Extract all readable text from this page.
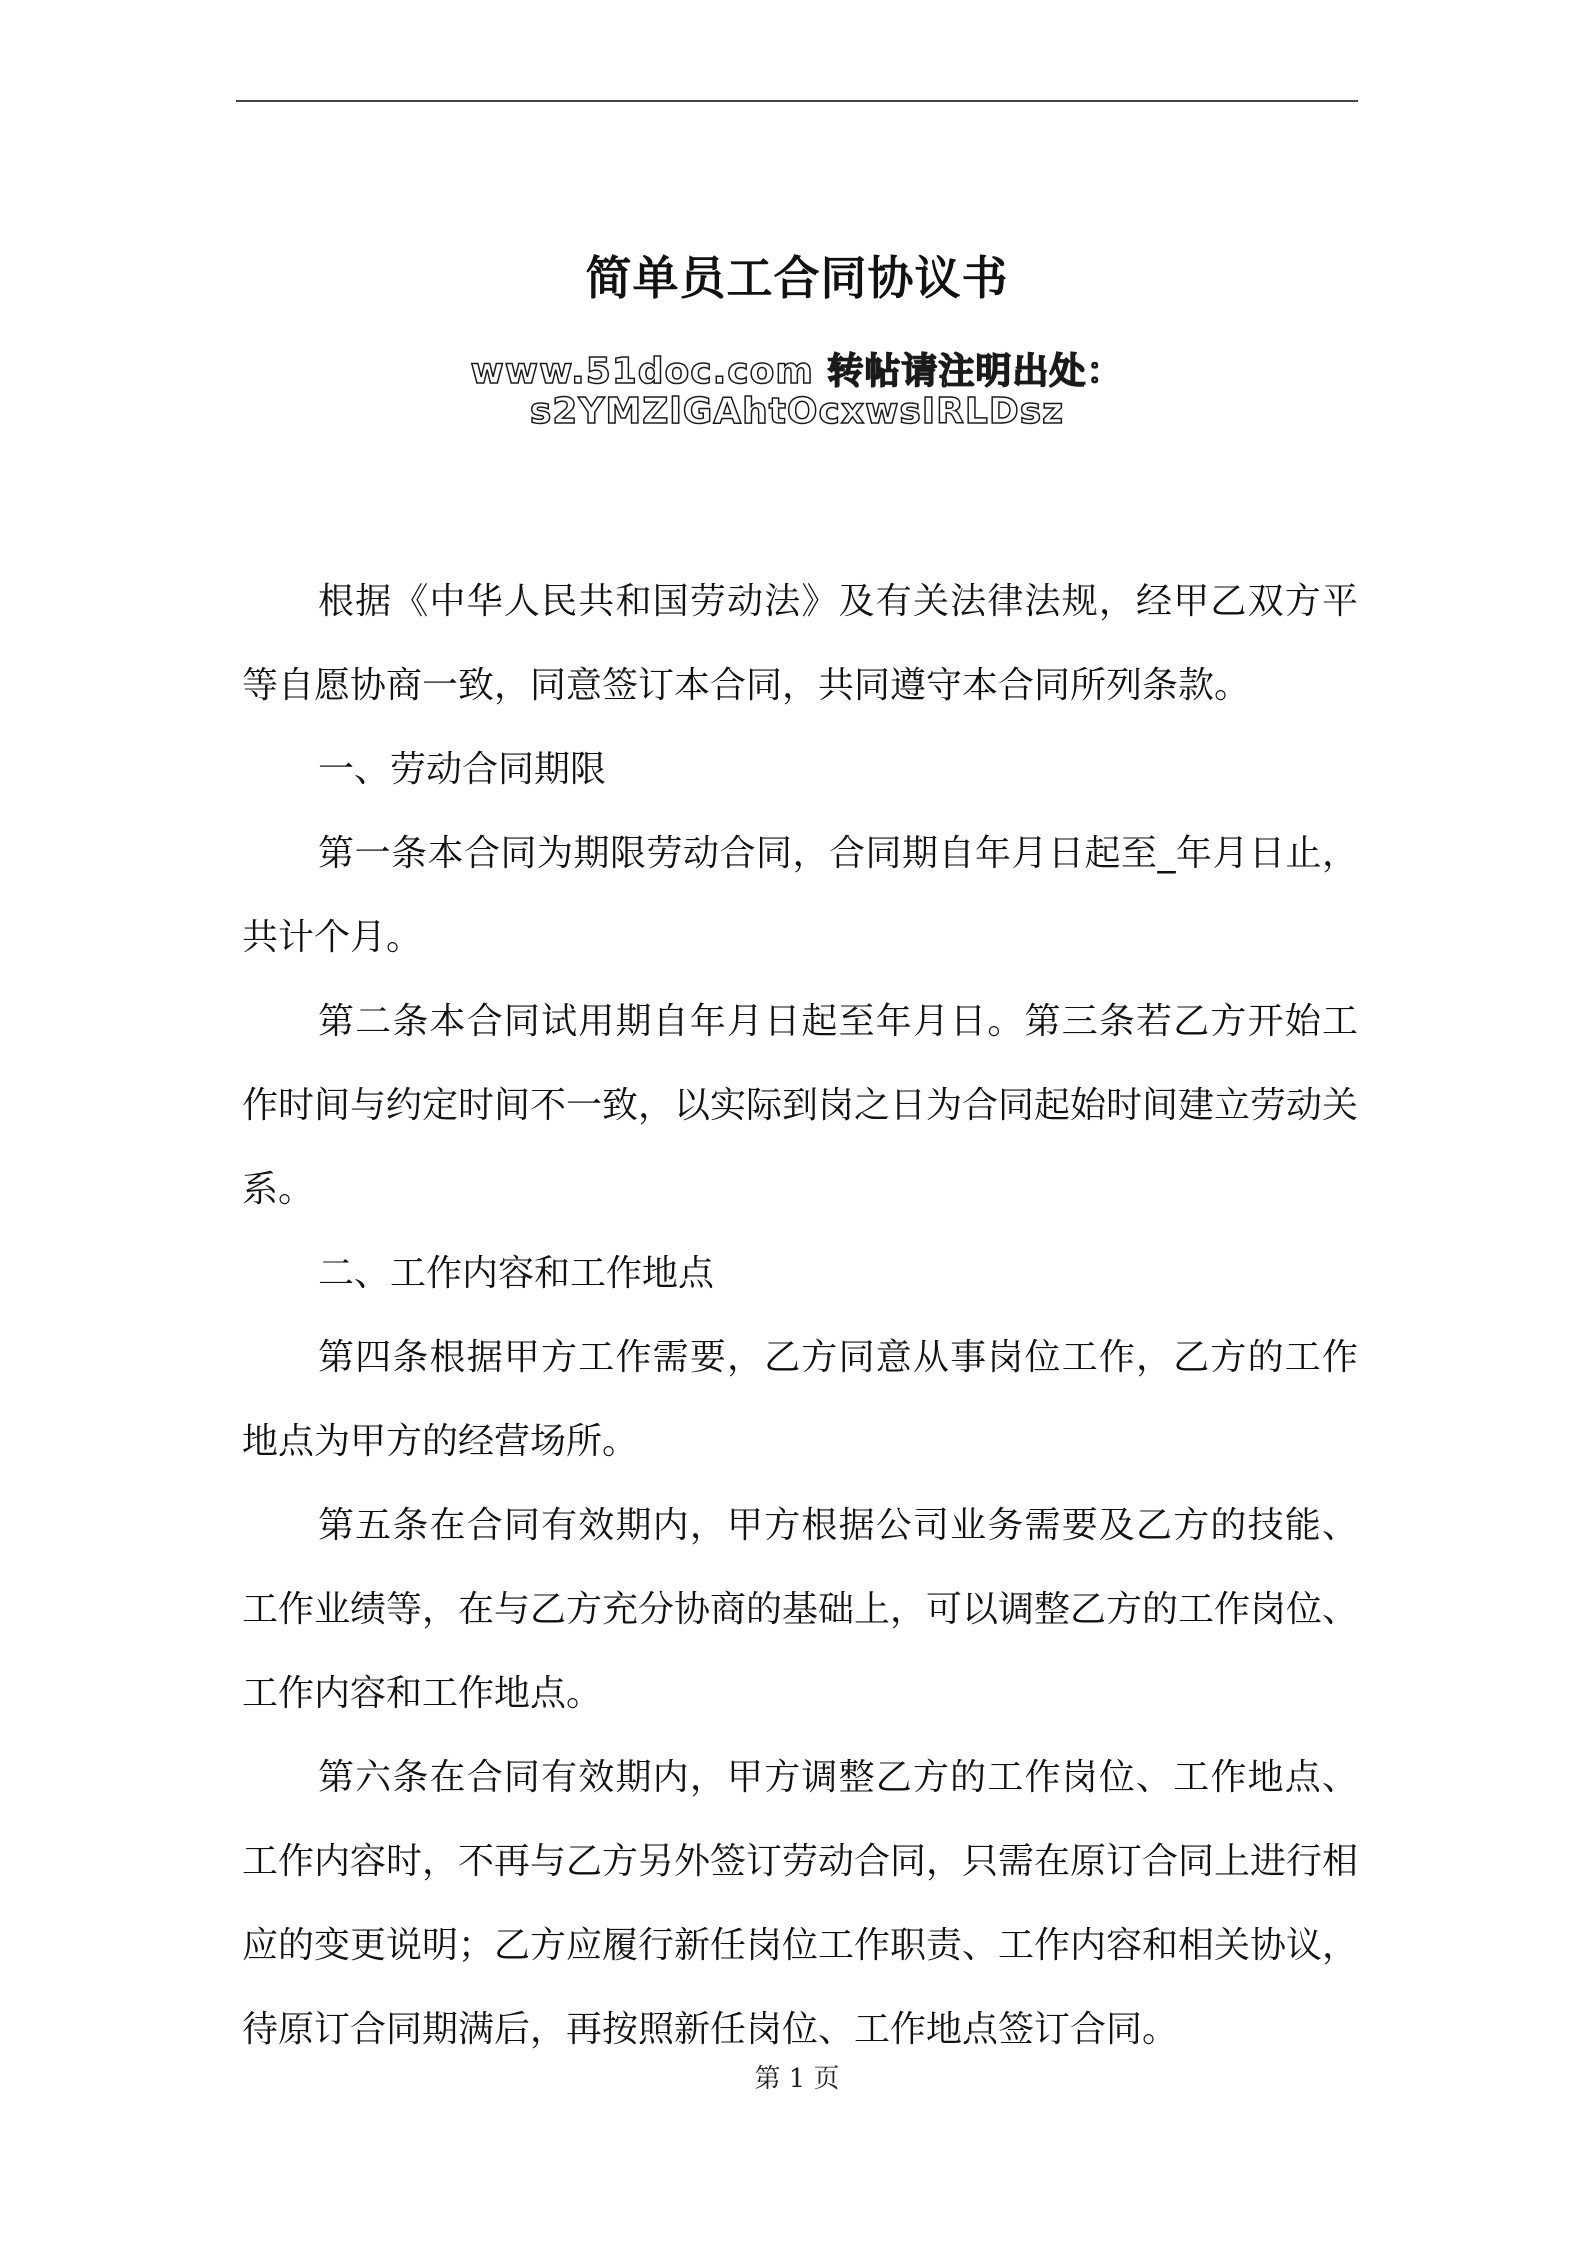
简单员工合同协议书
www.51doc.com 转帖请注明出处：s2YMZlGAhtOcxwsIRLDsz

根据《中华人民共和国劳动法》及有关法律法规，经甲乙双方平等自愿协商一致，同意签订本合同，共同遵守本合同所列条款。

一、劳动合同期限

第一条本合同为期限劳动合同，合同期自年月日起至_年月日止，共计个月。

第二条本合同试用期自年月日起至年月日。第三条若乙方开始工作时间与约定时间不一致，以实际到岗之日为合同起始时间建立劳动关系。

二、工作内容和工作地点

第四条根据甲方工作需要，乙方同意从事岗位工作，乙方的工作地点为甲方的经营场所。

第五条在合同有效期内，甲方根据公司业务需要及乙方的技能、工作业绩等，在与乙方充分协商的基础上，可以调整乙方的工作岗位、工作内容和工作地点。

第六条在合同有效期内，甲方调整乙方的工作岗位、工作地点、工作内容时，不再与乙方另外签订劳动合同，只需在原订合同上进行相应的变更说明；乙方应履行新任岗位工作职责、工作内容和相关协议，待原订合同期满后，再按照新任岗位、工作地点签订合同。

第 1 页
